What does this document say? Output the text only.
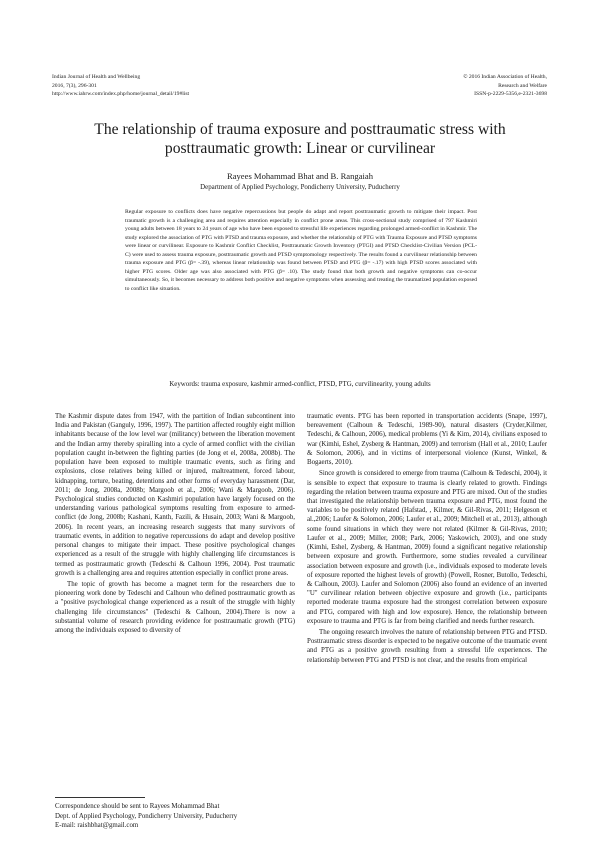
Indian Journal of Health and Wellbeing
2016, 7(3), 296-301
http://www.iahrw.com/index.php/home/journal_detail/19#list
© 2016 Indian Association of Health,
Research and Welfare
ISSN-p-2229-5356,e-2321-3698
The relationship of trauma exposure and posttraumatic stress with posttraumatic growth: Linear or curvilinear
Rayees Mohammad Bhat and B. Rangaiah
Department of Applied Psychology, Pondicherry University, Puducherry
Regular exposure to conflicts does have negative repercussions but people do adapt and report posttraumatic growth to mitigate their impact. Post traumatic growth is a challenging area and requires attention especially in conflict prone areas. This cross-sectional study comprised of 797 Kashmiri young adults between 18 years to 24 years of age who have been exposed to stressful life experiences regarding prolonged armed-conflict in Kashmir. The study explored the association of PTG with PTSD and trauma exposure, and whether the relationship of PTG with Trauma Exposure and PTSD symptoms were linear or curvilinear. Exposure to Kashmir Conflict Checklist, Posttraumatic Growth Inventory (PTGI) and PTSD Checklist-Civilian Version (PCL-C) were used to assess trauma exposure, posttraumatic growth and PTSD symptomology respectively. The results found a curvilinear relationship between trauma exposure and PTG (β= -.39), whereas linear relationship was found between PTSD and PTG (β= -.17) with high PTSD scores associated with higher PTG scores. Older age was also associated with PTG (β= .10). The study found that both growth and negative symptoms can co-occur simultaneously. So, it becomes necessary to address both positive and negative symptoms when assessing and treating the traumatized population exposed to conflict like situation.
Keywords: trauma exposure, kashmir armed-conflict, PTSD, PTG, curvilinearity, young adults

The Kashmir dispute dates from 1947, with the partition of Indian subcontinent into India and Pakistan (Ganguly, 1996, 1997). The partition affected roughly eight million inhabitants because of the low level war (militancy) between the liberation movement and the Indian army thereby spiralling into a cycle of armed conflict with the civilian population caught in-between the fighting parties (de Jong et el, 2008a, 2008b). The population have been exposed to multiple traumatic events, such as firing and explosions, close relatives being killed or injured, maltreatment, forced labour, kidnapping, torture, beating, detentions and other forms of everyday harassment (Dar, 2011; de Jong, 2008a, 2008b; Margoob et al., 2006; Wani & Margoob, 2006). Psychological studies conducted on Kashmiri population have largely focused on the understanding various pathological symptoms resulting from exposure to armed-conflict (de Jong, 2008b; Kashani, Kanth, Fazili, & Husain, 2003; Wani & Margoob, 2006). In recent years, an increasing research suggests that many survivors of traumatic events, in addition to negative repercussions do adapt and develop positive personal changes to mitigate their impact. These positive psychological changes experienced as a result of the struggle with highly challenging life circumstances is termed as posttraumatic growth (Tedeschi & Calhoun 1996, 2004). Post traumatic growth is a challenging area and requires attention especially in conflict prone areas.

The topic of growth has become a magnet term for the researchers due to pioneering work done by Tedeschi and Calhoun who defined posttraumatic growth as a "positive psychological change experienced as a result of the struggle with highly challenging life circumstances" (Tedeschi & Calhoun, 2004).There is now a substantial volume of research providing evidence for posttraumatic growth (PTG) among the individuals exposed to diversity of

traumatic events. PTG has been reported in transportation accidents (Snape, 1997), bereavement (Calhoun & Tedeschi, 1989-90), natural disasters (Cryder,Kilmer, Tedeschi, & Calhoun, 2006), medical problems (Yi & Kim, 2014), civilians exposed to war (Kimhi, Eshel, Zysberg & Hantman, 2009) and terrorism (Hall et al., 2010; Laufer & Solomon, 2006), and in victims of interpersonal violence (Kunst, Winkel, & Bogaerts, 2010).

Since growth is considered to emerge from trauma (Calhoun & Tedeschi, 2004), it is sensible to expect that exposure to trauma is clearly related to growth. Findings regarding the relation between trauma exposure and PTG are mixed. Out of the studies that investigated the relationship between trauma exposure and PTG, most found the variables to be positively related (Hafstad, , Kilmer, & Gil-Rivas, 2011; Helgeson et al.,2006; Laufer & Solomon, 2006; Laufer et al., 2009; Mitchell et al., 2013), although some found situations in which they were not related (Kilmer & Gil-Rivas, 2010; Laufer et al., 2009; Miller, 2008; Park, 2006; Yaskowich, 2003), and one study (Kimhi, Eshel, Zysberg, & Hantman, 2009) found a significant negative relationship between exposure and growth. Furthermore, some studies revealed a curvilinear association between exposure and growth (i.e., individuals exposed to moderate levels of exposure reported the highest levels of growth) (Powell, Rosner, Butollo, Tedeschi, & Calhoun, 2003). Laufer and Solomon (2006) also found an evidence of an inverted "U" curvilinear relation between objective exposure and growth (i.e., participants reported moderate trauma exposure had the strongest correlation between exposure and PTG, compared with high and low exposure). Hence, the relationship between exposure to trauma and PTG is far from being clarified and needs further research.

The ongoing research involves the nature of relationship between PTG and PTSD. Posttraumatic stress disorder is expected to be negative outcome of the traumatic event and PTG as a positive growth resulting from a stressful life experiences. The relationship between PTG and PTSD is not clear, and the results from empirical

Correspondence should be sent to Rayees Mohammad Bhat
Dept. of Applied Psychology, Pondicherry University, Puducherry
E-mail: raishbhat@gmail.com
